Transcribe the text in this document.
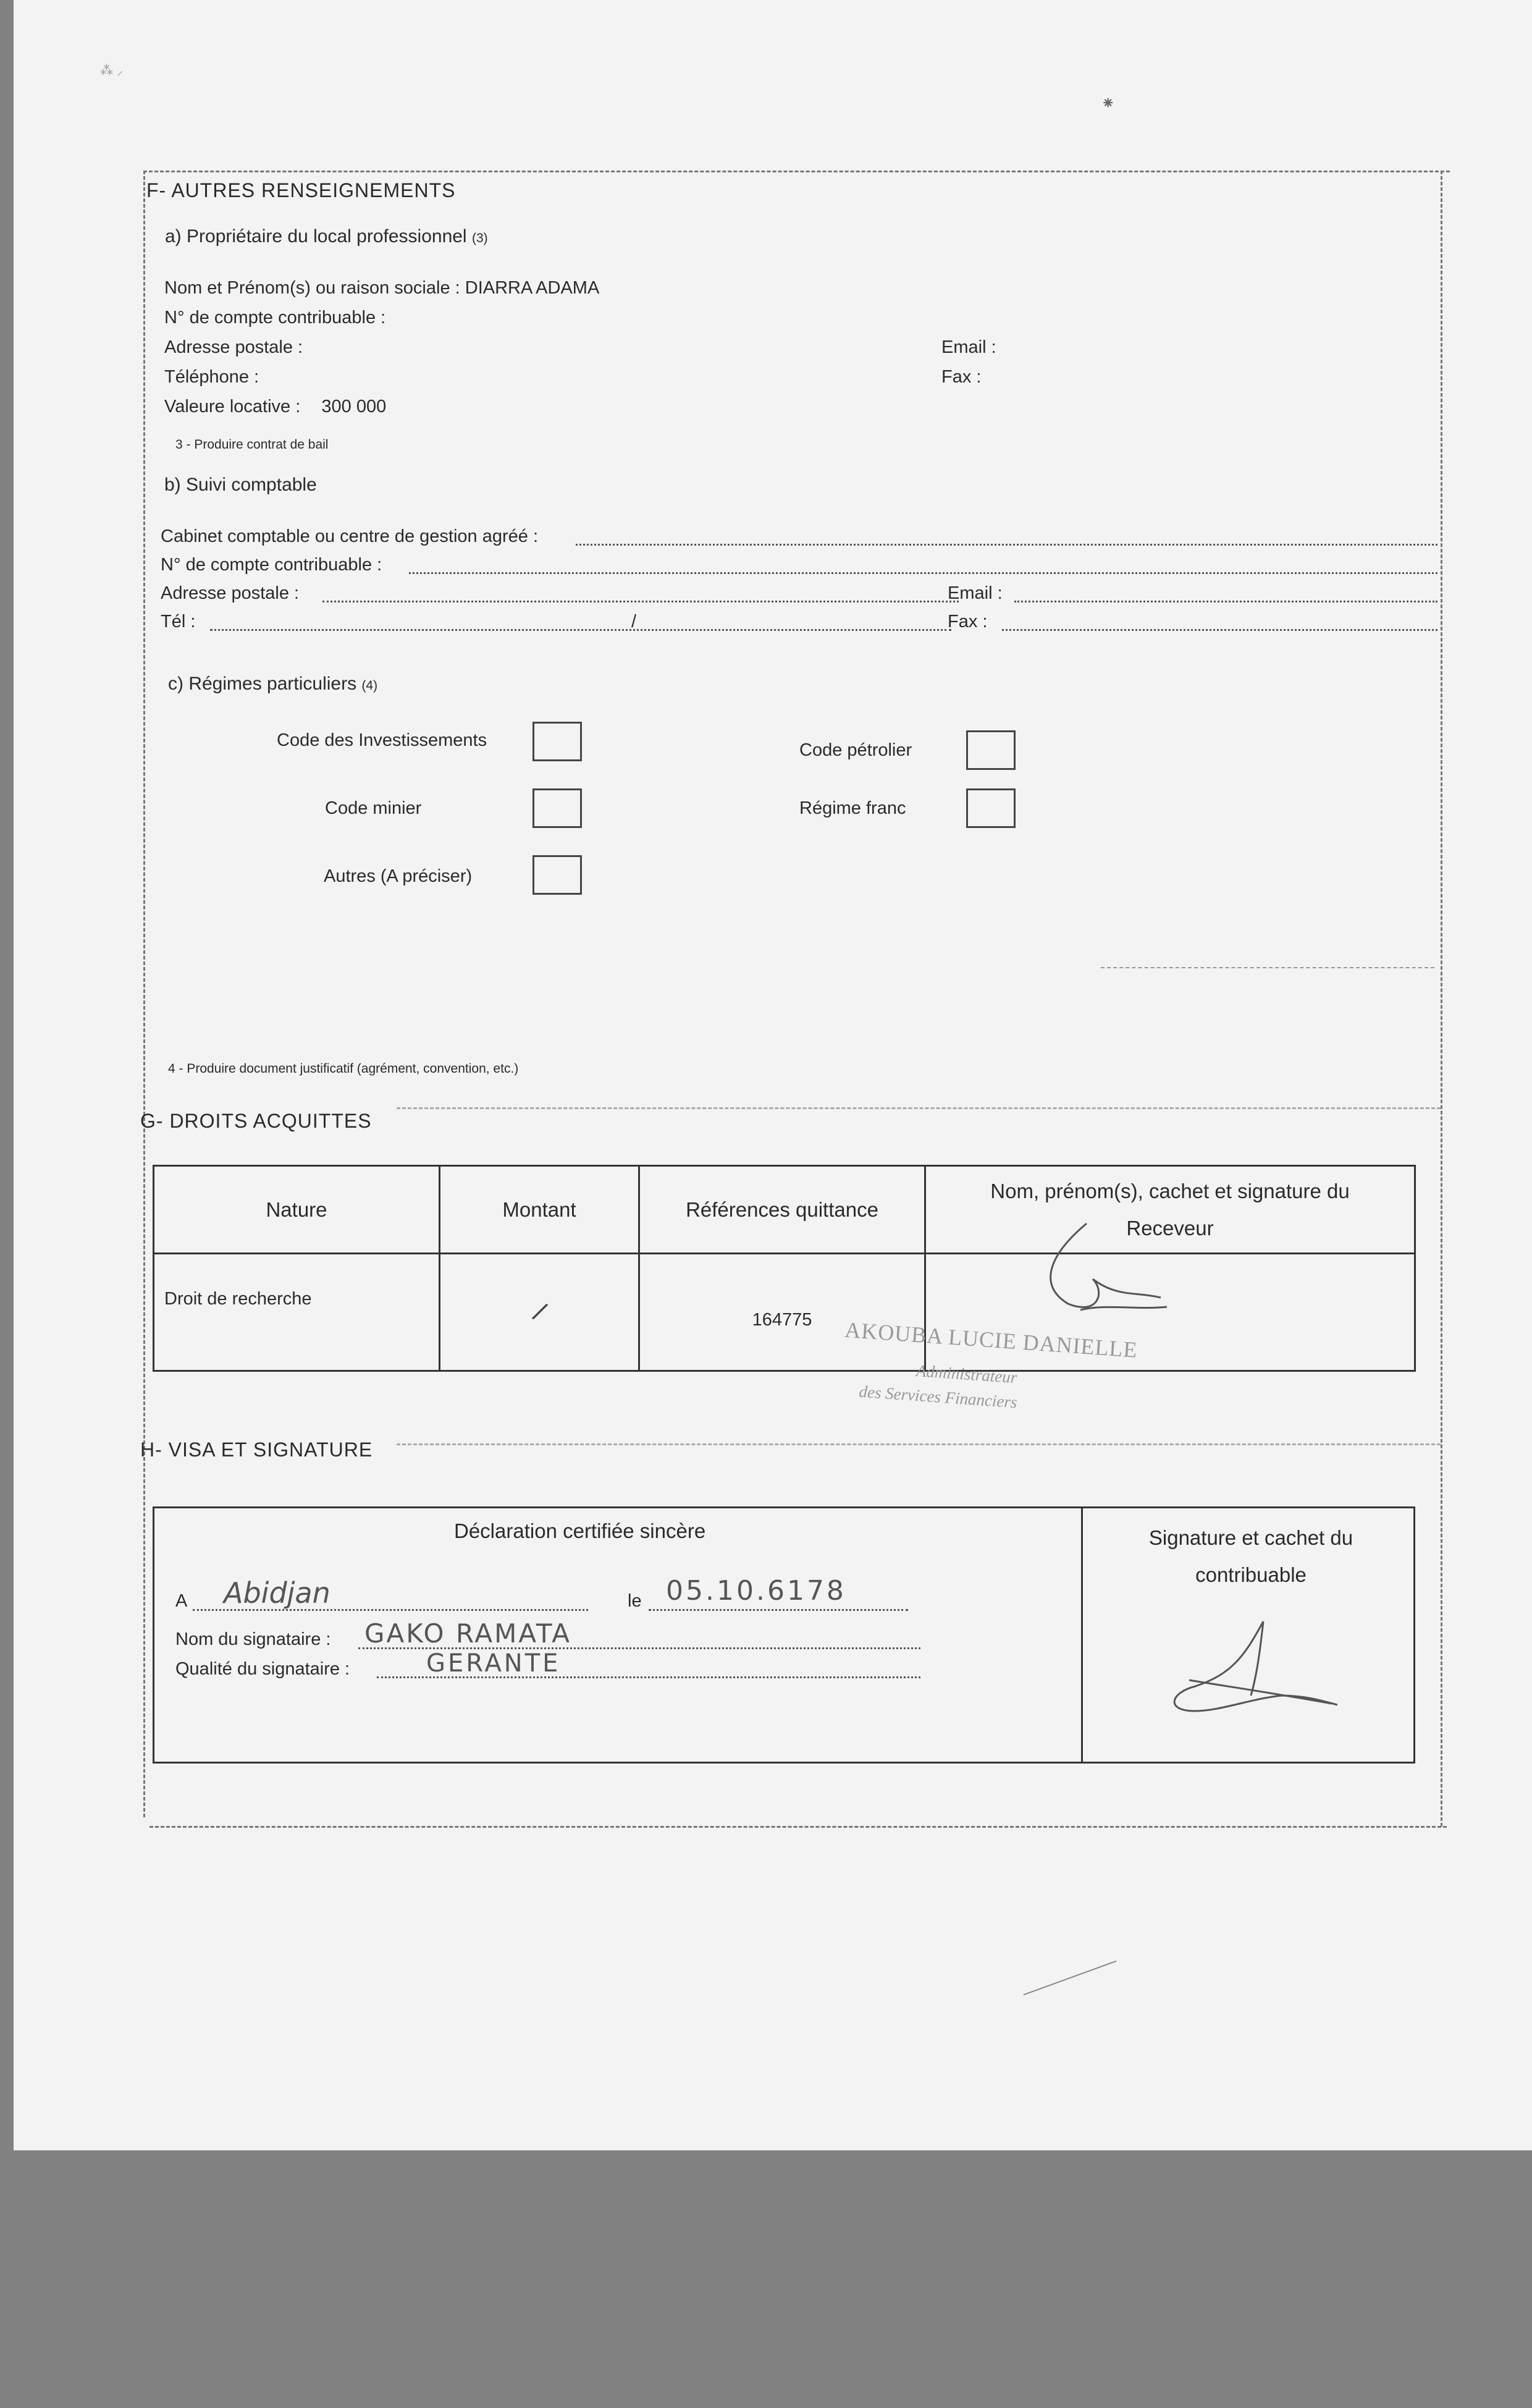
⁂ ⸝
⁕
F- AUTRES RENSEIGNEMENTS
a) Propriétaire du local professionnel (3)
Nom et Prénom(s) ou raison sociale : DIARRA ADAMA
N° de compte contribuable :
Adresse postale :	Email :
Téléphone :	Fax :
Valeure locative : 300 000
3 - Produire contrat de bail
b) Suivi comptable
Cabinet comptable ou centre de gestion agréé :
N° de compte contribuable :
Adresse postale :	Email :
Tél :	/	Fax :
c) Régimes particuliers (4)
Code des Investissements	Code pétrolier
Code minier	Régime franc
Autres (A préciser)
4 - Produire document justificatif (agrément, convention, etc.)
G- DROITS ACQUITTES
Nature	Montant	Références quittance	Nom, prénom(s), cachet et signature du Receveur
Droit de recherche	/	164775	AKOUBA LUCIE DANIELLE
Administrateur
des Services Financiers
H- VISA ET SIGNATURE
Déclaration certifiée sincère
A Abidjan	le 05.10.6178
Nom du signataire : GAKO RAMATA
Qualité du signataire :	GERANTE
Signature et cachet du contribuable
